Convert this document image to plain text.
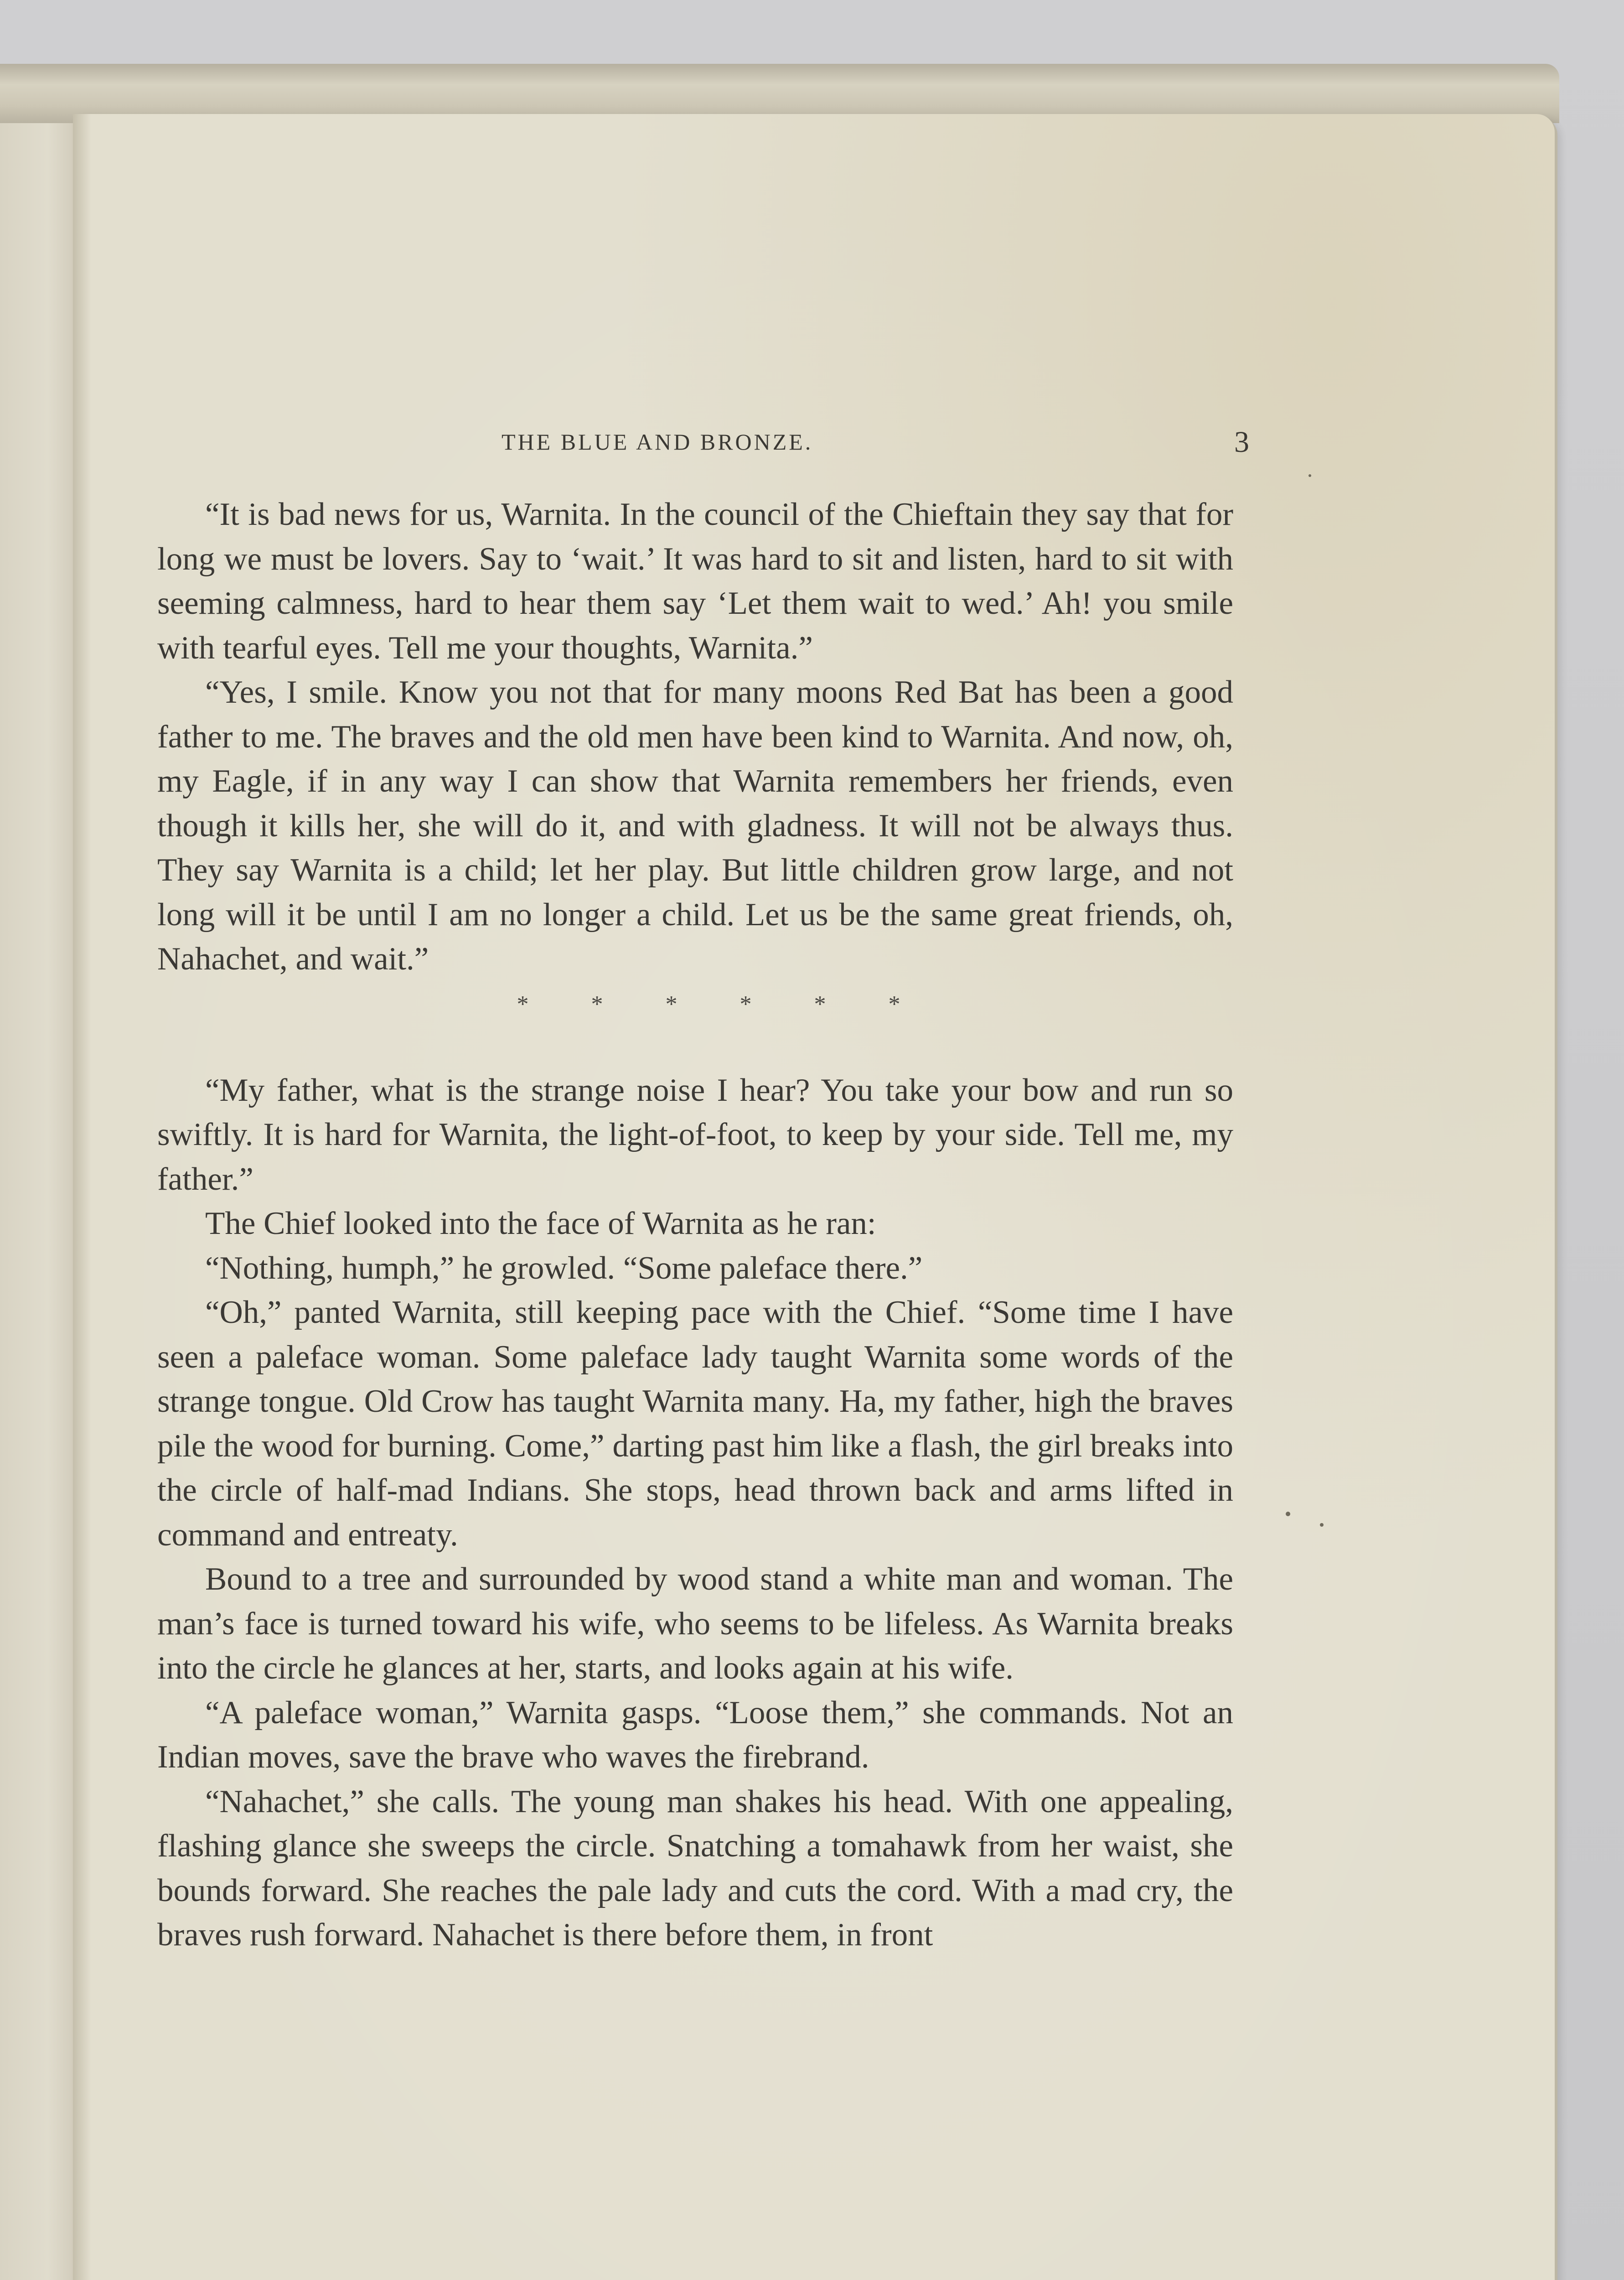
THE BLUE AND BRONZE.	3

“It is bad news for us, Warnita. In the council of the Chieftain they say that for long we must be lovers. Say to ‘wait.’ It was hard to sit and listen, hard to sit with seeming calmness, hard to hear them say ‘Let them wait to wed.’ Ah! you smile with tearful eyes. Tell me your thoughts, Warnita.”

“Yes, I smile. Know you not that for many moons Red Bat has been a good father to me. The braves and the old men have been kind to Warnita. And now, oh, my Eagle, if in any way I can show that Warnita remembers her friends, even though it kills her, she will do it, and with gladness. It will not be always thus. They say Warnita is a child; let her play. But little children grow large, and not long will it be until I am no longer a child. Let us be the same great friends, oh, Nahachet, and wait.”

* * * * * *

“My father, what is the strange noise I hear? You take your bow and run so swiftly. It is hard for Warnita, the light-of-foot, to keep by your side. Tell me, my father.”

The Chief looked into the face of Warnita as he ran:

“Nothing, humph,” he growled. “Some paleface there.”

“Oh,” panted Warnita, still keeping pace with the Chief. “Some time I have seen a paleface woman. Some paleface lady taught Warnita some words of the strange tongue. Old Crow has taught Warnita many. Ha, my father, high the braves pile the wood for burning. Come,” darting past him like a flash, the girl breaks into the circle of half-mad Indians. She stops, head thrown back and arms lifted in command and entreaty.

Bound to a tree and surrounded by wood stand a white man and woman. The man’s face is turned toward his wife, who seems to be lifeless. As Warnita breaks into the circle he glances at her, starts, and looks again at his wife.

“A paleface woman,” Warnita gasps. “Loose them,” she commands. Not an Indian moves, save the brave who waves the firebrand.

“Nahachet,” she calls. The young man shakes his head. With one appealing, flashing glance she sweeps the circle. Snatching a tomahawk from her waist, she bounds forward. She reaches the pale lady and cuts the cord. With a mad cry, the braves rush forward. Nahachet is there before them, in front
